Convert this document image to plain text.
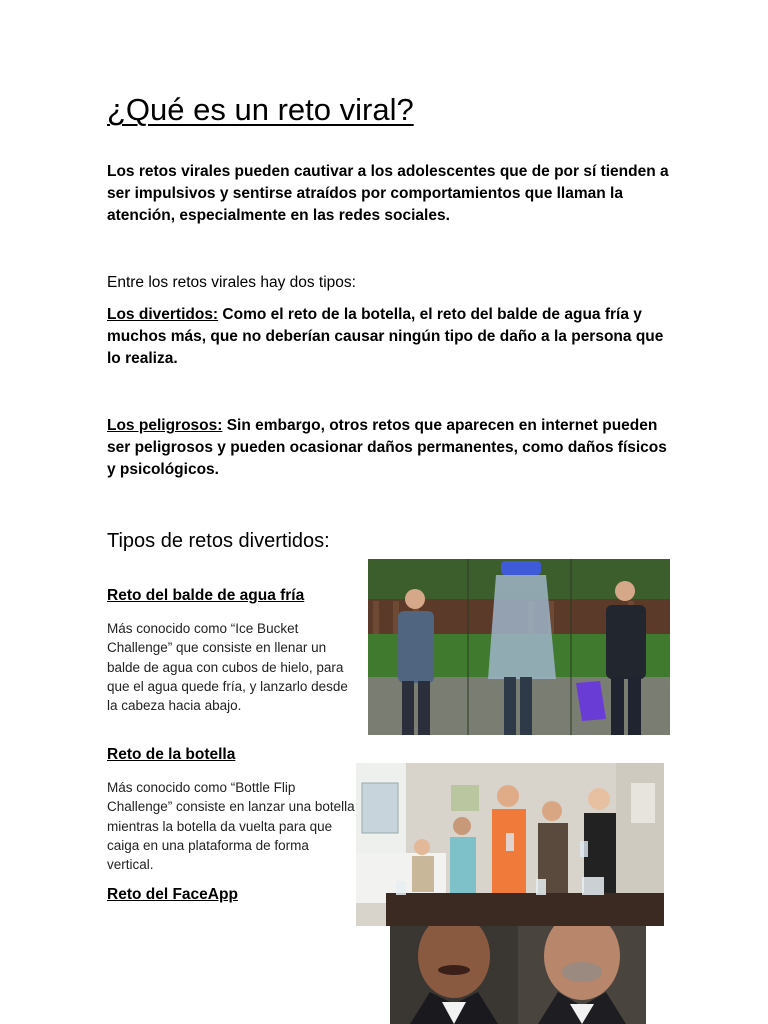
¿Qué es un reto viral?
Los retos virales pueden cautivar a los adolescentes que de por sí tienden a ser impulsivos y sentirse atraídos por comportamientos que llaman la atención, especialmente en las redes sociales.
Entre los retos virales hay dos tipos:
Los divertidos: Como el reto de la botella, el reto del balde de agua fría y muchos más, que no deberían causar ningún tipo de daño a la persona que lo realiza.
Los peligrosos: Sin embargo, otros retos que aparecen en internet pueden ser peligrosos y pueden ocasionar daños permanentes, como daños físicos y psicológicos.
Tipos de retos divertidos:
Reto del balde de agua fría
Más conocido como “Ice Bucket Challenge” que consiste en llenar un balde de agua con cubos de hielo, para que el agua quede fría, y lanzarlo desde la cabeza hacia abajo.
Reto de la botella
Más conocido como “Bottle Flip Challenge” consiste en lanzar una botella mientras la botella da vuelta para que caiga en una plataforma de forma vertical.
Reto del FaceApp
